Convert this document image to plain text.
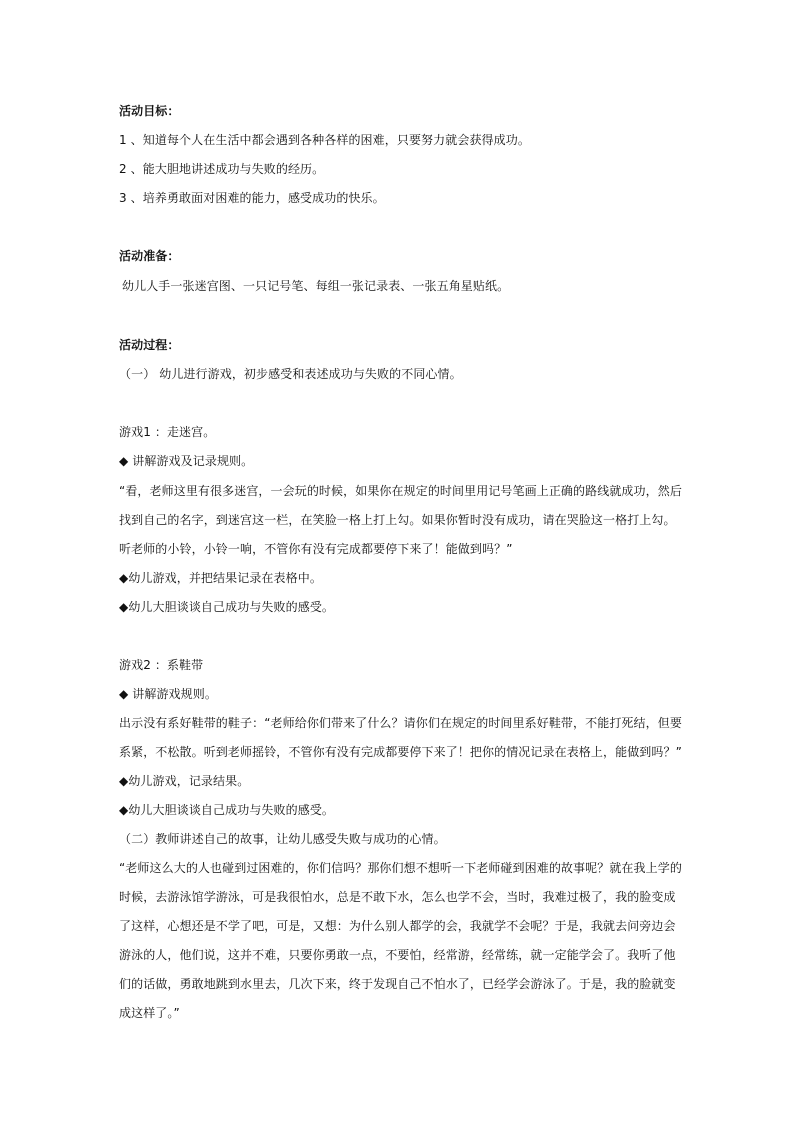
活动目标：
1 、知道每个人在生活中都会遇到各种各样的困难，只要努力就会获得成功。
2 、能大胆地讲述成功与失败的经历。
3 、培养勇敢面对困难的能力，感受成功的快乐。
活动准备：
幼儿人手一张迷宫图、一只记号笔、每组一张记录表、一张五角星贴纸。
活动过程：
（一） 幼儿进行游戏，初步感受和表述成功与失败的不同心情。
游戏1 ：走迷宫。
◆ 讲解游戏及记录规则。
“看，老师这里有很多迷宫，一会玩的时候，如果你在规定的时间里用记号笔画上正确的路线就成功，然后
找到自己的名字，到迷宫这一栏，在笑脸一格上打上勾。如果你暂时没有成功，请在哭脸这一格打上勾。
听老师的小铃，小铃一响，不管你有没有完成都要停下来了！能做到吗？”
◆幼儿游戏，并把结果记录在表格中。
◆幼儿大胆谈谈自己成功与失败的感受。
游戏2 ：系鞋带
◆ 讲解游戏规则。
出示没有系好鞋带的鞋子：“老师给你们带来了什么？请你们在规定的时间里系好鞋带，不能打死结，但要
系紧，不松散。听到老师摇铃，不管你有没有完成都要停下来了！把你的情况记录在表格上，能做到吗？”
◆幼儿游戏，记录结果。
◆幼儿大胆谈谈自己成功与失败的感受。
（二）教师讲述自己的故事，让幼儿感受失败与成功的心情。
“老师这么大的人也碰到过困难的，你们信吗？那你们想不想听一下老师碰到困难的故事呢？就在我上学的
时候，去游泳馆学游泳，可是我很怕水，总是不敢下水，怎么也学不会，当时，我难过极了，我的脸变成
了这样，心想还是不学了吧，可是，又想：为什么别人都学的会，我就学不会呢？于是，我就去问旁边会
游泳的人，他们说，这并不难，只要你勇敢一点，不要怕，经常游，经常练，就一定能学会了。我听了他
们的话做，勇敢地跳到水里去，几次下来，终于发现自己不怕水了，已经学会游泳了。于是，我的脸就变
成这样了。”
